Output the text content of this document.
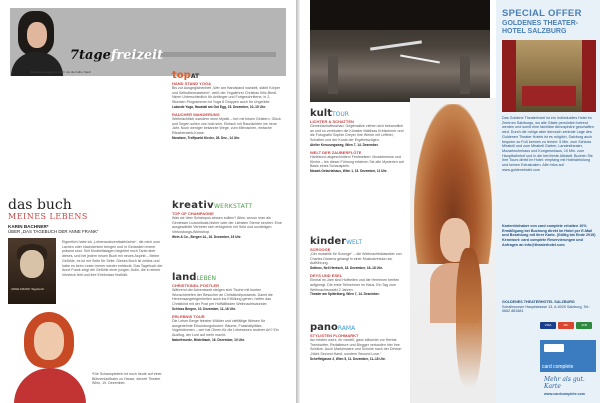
7tagefreizeit
Jubiläumsausgaben: Mehr als die halbe Stadt	topAT
HAND STAND YOGA
Bis zur Ausgeglichenheit „Wer am Handstand wankelt, stärkt Körper und Selbstbewusstsein“, weiß der Yogalehrer Christian Kiliz-Biedl. Nimm Unterschiedlich für Anfänger und Fortgeschrittene, in 2-Stunden-Programmen ist Yoga 8 Gruppen auch für Ungeübte.
Laborde Yoga, Haustall am Gut Egg, 15. Dezember, 10–15 Uhr.
RAUCHER WANDERUNG
Weihnachtlich wandern ohne Mystik – fort mit bösen Geistern. Glück und Segen sollen uns hold sein. Einfach mit Raunächten ins neue Jahr. Noch weniger bekannte Wege, zum Mitmachen, einfache Räucherwerk-Kurse.
Mondsee, Treffpunkt Kirche, 28. Dez., 14 Uhr.
kreativWERKSTATT
TOP OF CHAMPAGNE
Was wir über Schampus wissen sollten? Alles, wovon man als Geniesser Luxusrituals bisher oder der Liebsten Sterne serviert: Eine ausgewählte Vertreter sich erfolgreich mit Sekt und unzähligen Verkostungs-Workshop.
Wein & Co., Bergen 14., 16. Dezember, 19 Uhr.
landLEBEN
CHRISTKINDL POSTLER
Während der Adventszeit steigen sich Tische mit bunten Wunschbriefen der Besucher an Christkindlpostamts. Damit die Herzensangelegenheiten auch ins Erfüllung gehen, helfen das Christkind mit der Post per Hoffällifaden Weihnachtswunder.
Schloss Bergen, 10. Dezember, 11–16 Uhr.
ERLEBNIS TOUR
Die Leiser Berge feinster Wälder und vielfältige Wiesen für ausgedehnte Erkundungstouren. Bäume, Fussballplätze, Vogelstimmen – wer hat Ohren für die Lebewesen anderer Art? Ein Ausflug, der Lust auf mehr macht.
Naturfreunde, Mistelbach, 16. Dezember, 10 Uhr.
das buch
MEINES LEBENS
KARIN BACHNER*
ÜBER „DAS TAGEBUCH DER ANNE FRANK“
ANNE FRANK Tagebuch
Eigentlich habe ich „Lebenssdezenttaiebücher“, die mich zum Lachen oder Nachdenken bringen und in Gedanken immer präsent sind. Seit Kindheitstagen begleitet mich Tante aber dieses, und bei jedem neuen Buch ein neues Aspekt – Meine Gefühle, es ist mir Seite für Seite. Dieses Buch ist zeitlos und habe es beim Lesen immer wieder entdeckt. Das Tagebuch der Anne Frank zeigt die Gefühle einer jungen Jüdin, die in einem Versteck lebt und ihre Erlebnisse festhält.
*Die Schauspielerin ist noch heute auf einer Bühnenlaufbahn zu Hause, derzeit Theater Wien, 19. Dezember.
kultTOUR
LICHTER & SCHATTEN
Gemeinschaftsschau: Gegensätze ziehen sich bekanntlich an und so verbinden die Künstler Matthias Kretschmer und die Fotografin Sophie Dreyer ihre Werke mit Leffelei, Schatten und der Kunst der Ergebniszügen.
Atelier Kreuzungsweg, Wien 7, 14. Dezember.
WELT DER ZAUBERFLÖTE
Harlekund abgeschnitten! Festmeisen: Mozartmesse und Kirche – bis dieser Führung erfahren Sie alle Mysterien auf Basis eines Schauspiels.
Mozart-Geburtshaus, Wien 1, 15. Dezember, 11 Uhr.
kinderWELT
SCROOGE
„Der mutabile für Scrooge“ – die Weihnachtsklassiker von Charles Dickens gelangt in einer Musicalversion zur Aufführung.
Sottnoc, Neil Hentsch, 18. Dezember, 16–18 Uhr.
DEYS UND ESEL
Einmal im Jahr sind Hufbeiten und die Herrinnen beriten aufgeregt. Die erste Teilnehmer im Haus. Ein Tag zum Weihnachtsmarkt 2 Jahren.
Theater am Spittelberg, Wien 7, 14. Dezember.
panoRAMA
STYLISTEN FLOHMARKT
Am besten war's, ihr modell, ganz stilsicher vor Herbst. Trendsetter, Redakteure und Blogger verkaufen hier ihre Schätze. Auch Markenware und Schuhe nach der Devise: „Nicht Second Hand, sondern Second Love.“
Scheffelgasse 2, Wien 5, 11. Dezember, 11–18 Uhr.
SPECIAL OFFER
GOLDENES THEATER-HOTEL SALZBURG
Das Goldene Theaterhotel ist ein Individuelles Hotel im Zentrum Salzburgs, wo alle Gäste persönlich betreut werden und somit eine familiäre Atmosphäre geschaffen wird. Durch die ruhige aber dennoch zentrale Lage des Goldenen Theater Hotels ist es möglich, Salzburg auch bequem zu Fuß kennen zu lernen: 5 Min. zum Schloss Mirabell und zum Mirabell Garten, Landestheater, Mozartwohnhaus und Kongresshaus, 10 Min. zum Hauptbahnhof und in die berühmte Altstadt. Buchen Sie Ihre Tours direkt im Hotel: empfang mit Hotelabholung und keinen Extrakosten. Alle Infos auf www.goldenehotel.com
Kartenhinhaber von card complete erhalten 10% Ermäßigung bei Buchung direkt im Hotel per E-Mail und Bezahlung mit ihrer Karte. (Gültig bis Ende 2019) Kennwort: card complete Reservierungen und Anfragen an info@theaterhotel.com
GOLDENES THEATERHOTEL SALZBURG
Schallmooser Hauptstrasse 13, A-5020 Salzburg, Tel.: 0662 881681
VISA	MC	JCB
card complete
Mehr als gut. Karte
www.cardcomplete.com
